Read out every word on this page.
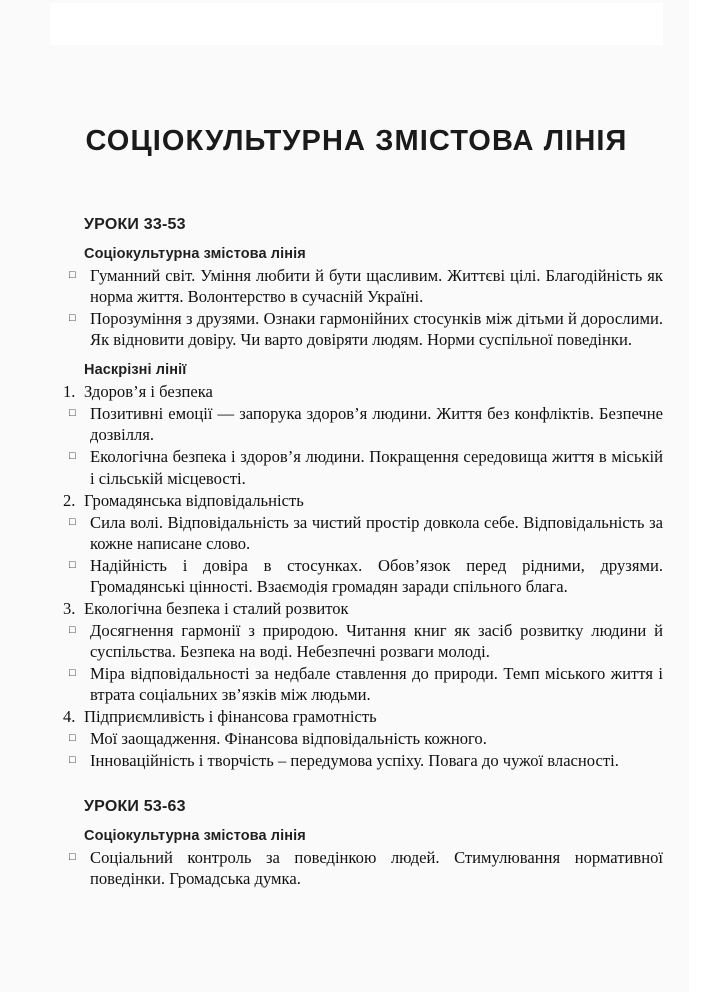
СОЦІОКУЛЬТУРНА ЗМІСТОВА ЛІНІЯ
УРОКИ 33-53
Соціокультурна змістова лінія
□ Гуманний світ. Уміння любити й бути щасливим. Життєві цілі. Благодійність як норма життя. Волонтерство в сучасній Україні.
□ Порозуміння з друзями. Ознаки гармонійних стосунків між дітьми й дорослими. Як відновити довіру. Чи варто довіряти людям. Норми суспільної поведінки.
Наскрізні лінії
1. Здоров’я і безпека
□ Позитивні емоції — запорука здоров’я людини. Життя без конфліктів. Безпечне дозвілля.
□ Екологічна безпека і здоров’я людини. Покращення середовища життя в міській і сільській місцевості.
2. Громадянська відповідальність
□ Сила волі. Відповідальність за чистий простір довкола себе. Відповідальність за кожне написане слово.
□ Надійність і довіра в стосунках. Обов’язок перед рідними, друзями. Громадянські цінності. Взаємодія громадян заради спільного блага.
3. Екологічна безпека і сталий розвиток
□ Досягнення гармонії з природою. Читання книг як засіб розвитку людини й суспільства. Безпека на воді. Небезпечні розваги молоді.
□ Міра відповідальності за недбале ставлення до природи. Темп міського життя і втрата соціальних зв’язків між людьми.
4. Підприємливість і фінансова грамотність
□ Мої заощадження. Фінансова відповідальність кожного.
□ Інноваційність і творчість – передумова успіху. Повага до чужої власності.
УРОКИ 53-63
Соціокультурна змістова лінія
□ Соціальний контроль за поведінкою людей. Стимулювання нормативної поведінки. Громадська думка.
